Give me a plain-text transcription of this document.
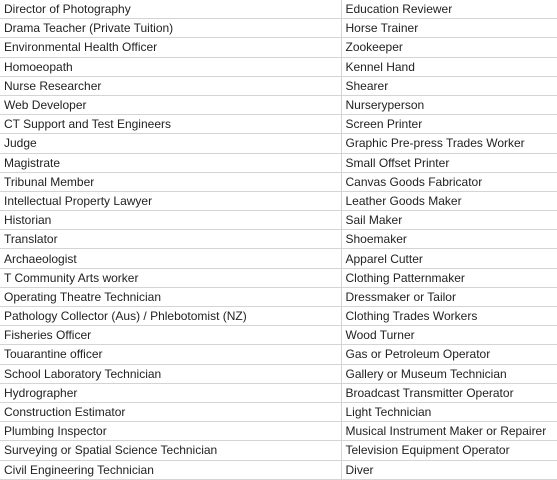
Director of Photography	Education Reviewer
Drama Teacher (Private Tuition)	Horse Trainer
Environmental Health Officer	Zookeeper
Homoeopath	Kennel Hand
Nurse Researcher	Shearer
Web Developer	Nurseryperson
CT Support and Test Engineers	Screen Printer
Judge	Graphic Pre-press Trades Worker
Magistrate	Small Offset Printer
Tribunal Member	Canvas Goods Fabricator
Intellectual Property Lawyer	Leather Goods Maker
Historian	Sail Maker
Translator	Shoemaker
Archaeologist	Apparel Cutter
T Community Arts worker	Clothing Patternmaker
Operating Theatre Technician	Dressmaker or Tailor
Pathology Collector (Aus) / Phlebotomist (NZ)	Clothing Trades Workers
Fisheries Officer	Wood Turner
Touarantine officer	Gas or Petroleum Operator
School Laboratory Technician	Gallery or Museum Technician
Hydrographer	Broadcast Transmitter Operator
Construction Estimator	Light Technician
Plumbing Inspector	Musical Instrument Maker or Repairer
Surveying or Spatial Science Technician	Television Equipment Operator
Civil Engineering Technician	Diver
